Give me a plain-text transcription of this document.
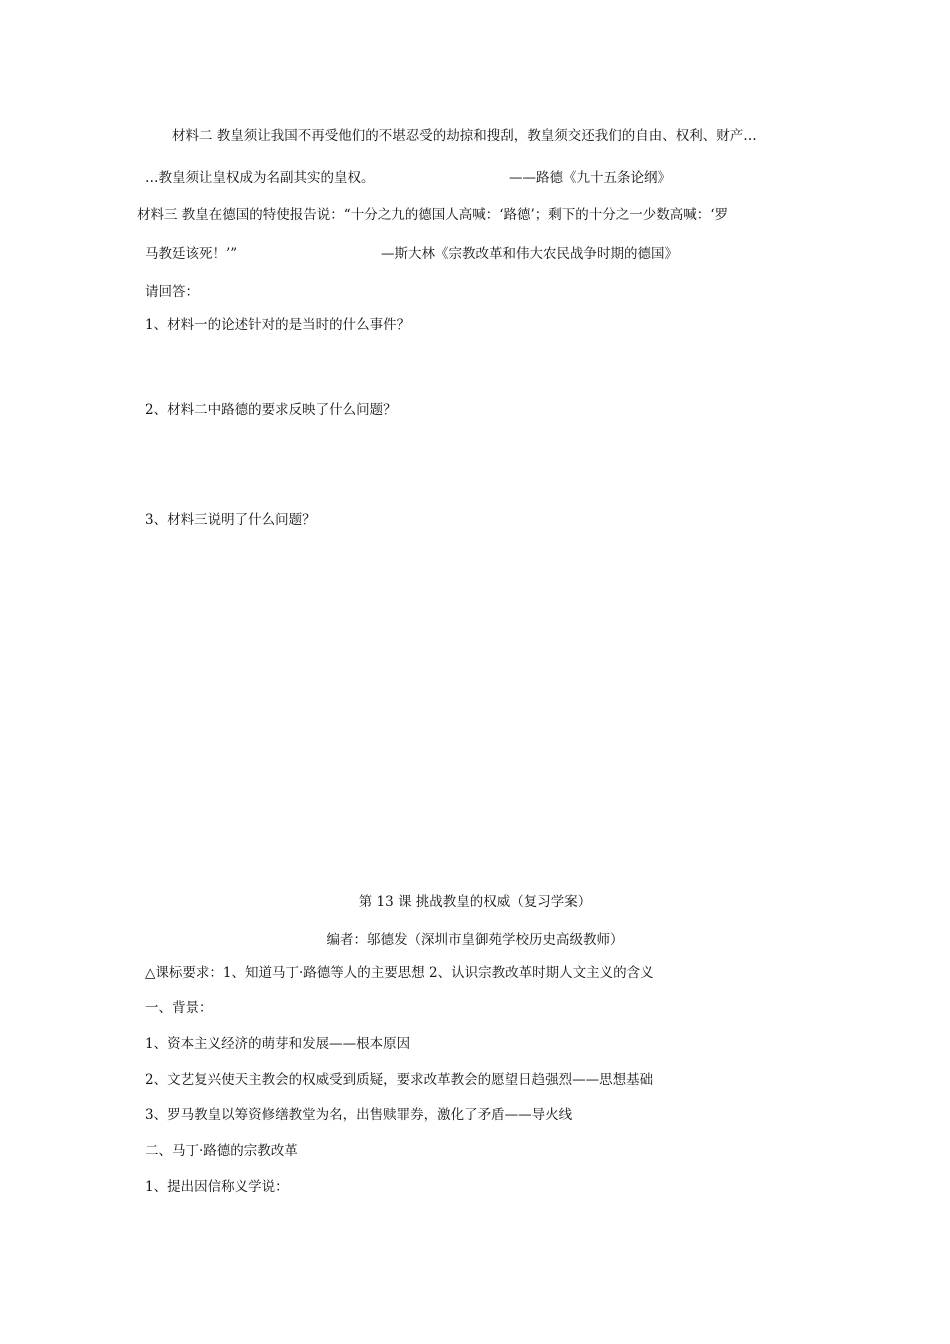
材料二 教皇须让我国不再受他们的不堪忍受的劫掠和搜刮，教皇须交还我们的自由、权利、财产…
…教皇须让皇权成为名副其实的皇权。	——路德《九十五条论纲》
材料三 教皇在德国的特使报告说：“十分之九的德国人高喊：‘路德’；剩下的十分之一少数高喊：‘罗
马教廷该死！’”	—斯大林《宗教改革和伟大农民战争时期的德国》
请回答：
1、材料一的论述针对的是当时的什么事件？
2、材料二中路德的要求反映了什么问题？
3、材料三说明了什么问题？
第 13 课 挑战教皇的权威（复习学案）
编者：邬德发（深圳市皇御苑学校历史高级教师）
△课标要求：1、知道马丁·路德等人的主要思想 2、认识宗教改革时期人文主义的含义
一、背景：
1、资本主义经济的萌芽和发展——根本原因
2、文艺复兴使天主教会的权威受到质疑，要求改革教会的愿望日趋强烈——思想基础
3、罗马教皇以筹资修缮教堂为名，出售赎罪券，激化了矛盾——导火线
二、马丁·路德的宗教改革
1、提出因信称义学说：
